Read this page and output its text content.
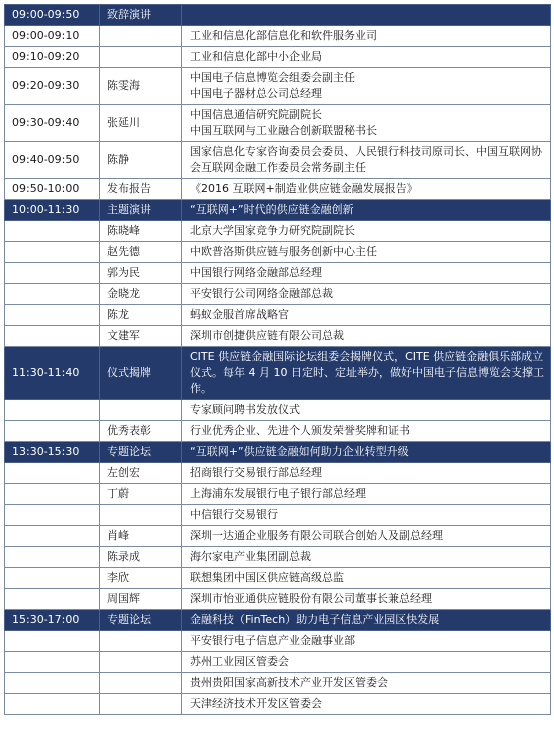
09:00-09:50	致辞演讲	

09:00-09:10		工业和信息化部信息化和软件服务业司

09:10-09:20		工业和信息化部中小企业局

09:20-09:30	陈雯海	中国电子信息博览会组委会副主任
中国电子器材总公司总经理

09:30-09:40	张延川	中国信息通信研究院副院长
中国互联网与工业融合创新联盟秘书长

09:40-09:50	陈静	国家信息化专家咨询委员会委员、人民银行科技司原司长、中国互联网协会互联网金融工作委员会常务副主任

09:50-10:00	发布报告	《2016 互联网+制造业供应链金融发展报告》

10:00-11:30	主题演讲	“互联网+”时代的供应链金融创新

	陈晓峰	北京大学国家竞争力研究院副院长

	赵先德	中欧普洛斯供应链与服务创新中心主任

	郭为民	中国银行网络金融部总经理

	金晓龙	平安银行公司网络金融部总裁

	陈龙	蚂蚁金服首席战略官

	文建军	深圳市创捷供应链有限公司总裁

11:30-11:40	仪式揭牌	CITE 供应链金融国际论坛组委会揭牌仪式，CITE 供应链金融俱乐部成立仪式。每年 4 月 10 日定时、定址举办，做好中国电子信息博览会支撑工作。

		专家顾问聘书发放仪式

	优秀表彰	行业优秀企业、先进个人颁发荣誉奖牌和证书

13:30-15:30	专题论坛	“互联网+”供应链金融如何助力企业转型升级

	左创宏	招商银行交易银行部总经理

	丁蔚	上海浦东发展银行电子银行部总经理

		中信银行交易银行

	肖峰	深圳一达通企业服务有限公司联合创始人及副总经理

	陈录成	海尔家电产业集团副总裁

	李欣	联想集团中国区供应链高级总监

	周国辉	深圳市怡亚通供应链股份有限公司董事长兼总经理

15:30-17:00	专题论坛	金融科技（FinTech）助力电子信息产业园区快发展

		平安银行电子信息产业金融事业部

		苏州工业园区管委会

		贵州贵阳国家高新技术产业开发区管委会

		天津经济技术开发区管委会
